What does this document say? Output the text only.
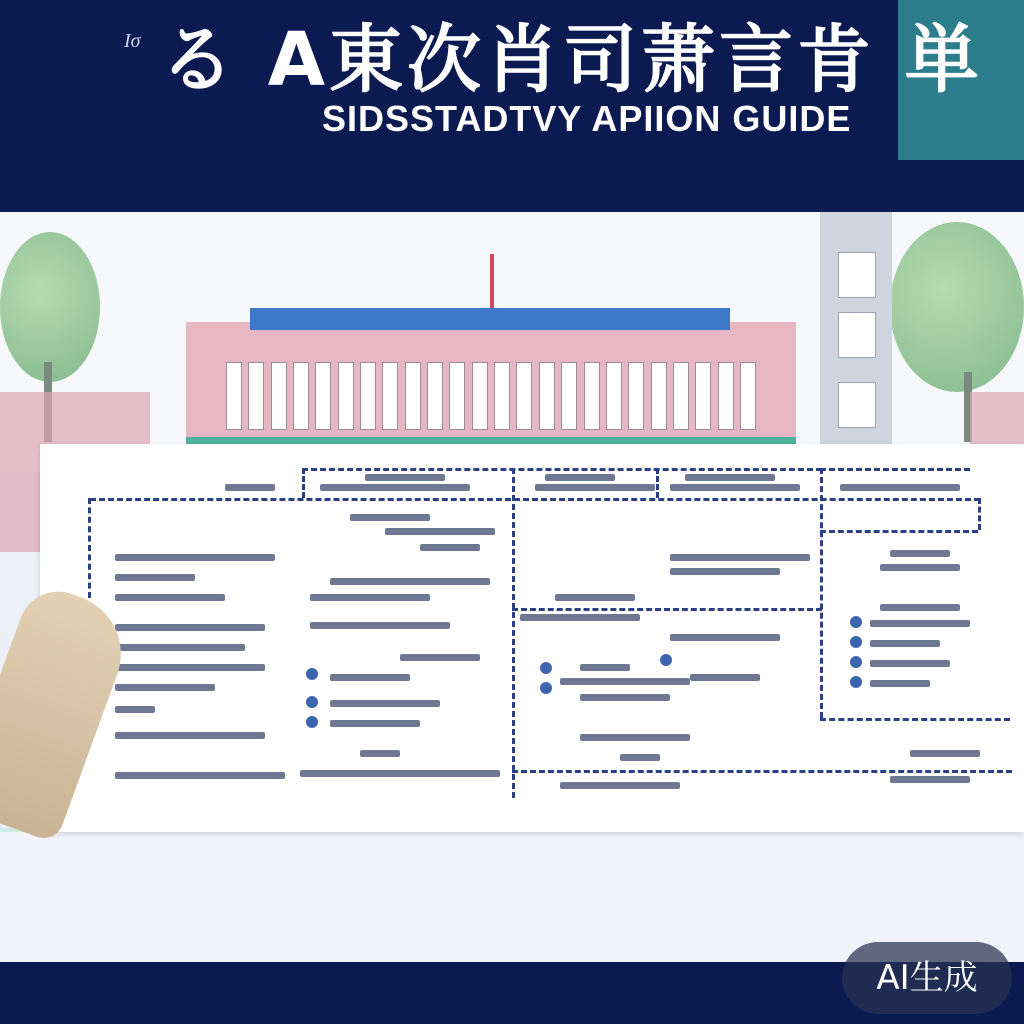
Ισ る A東次肖司萧言肯 単
SIDSSTADTVY APIION GUIDE
AI生成
